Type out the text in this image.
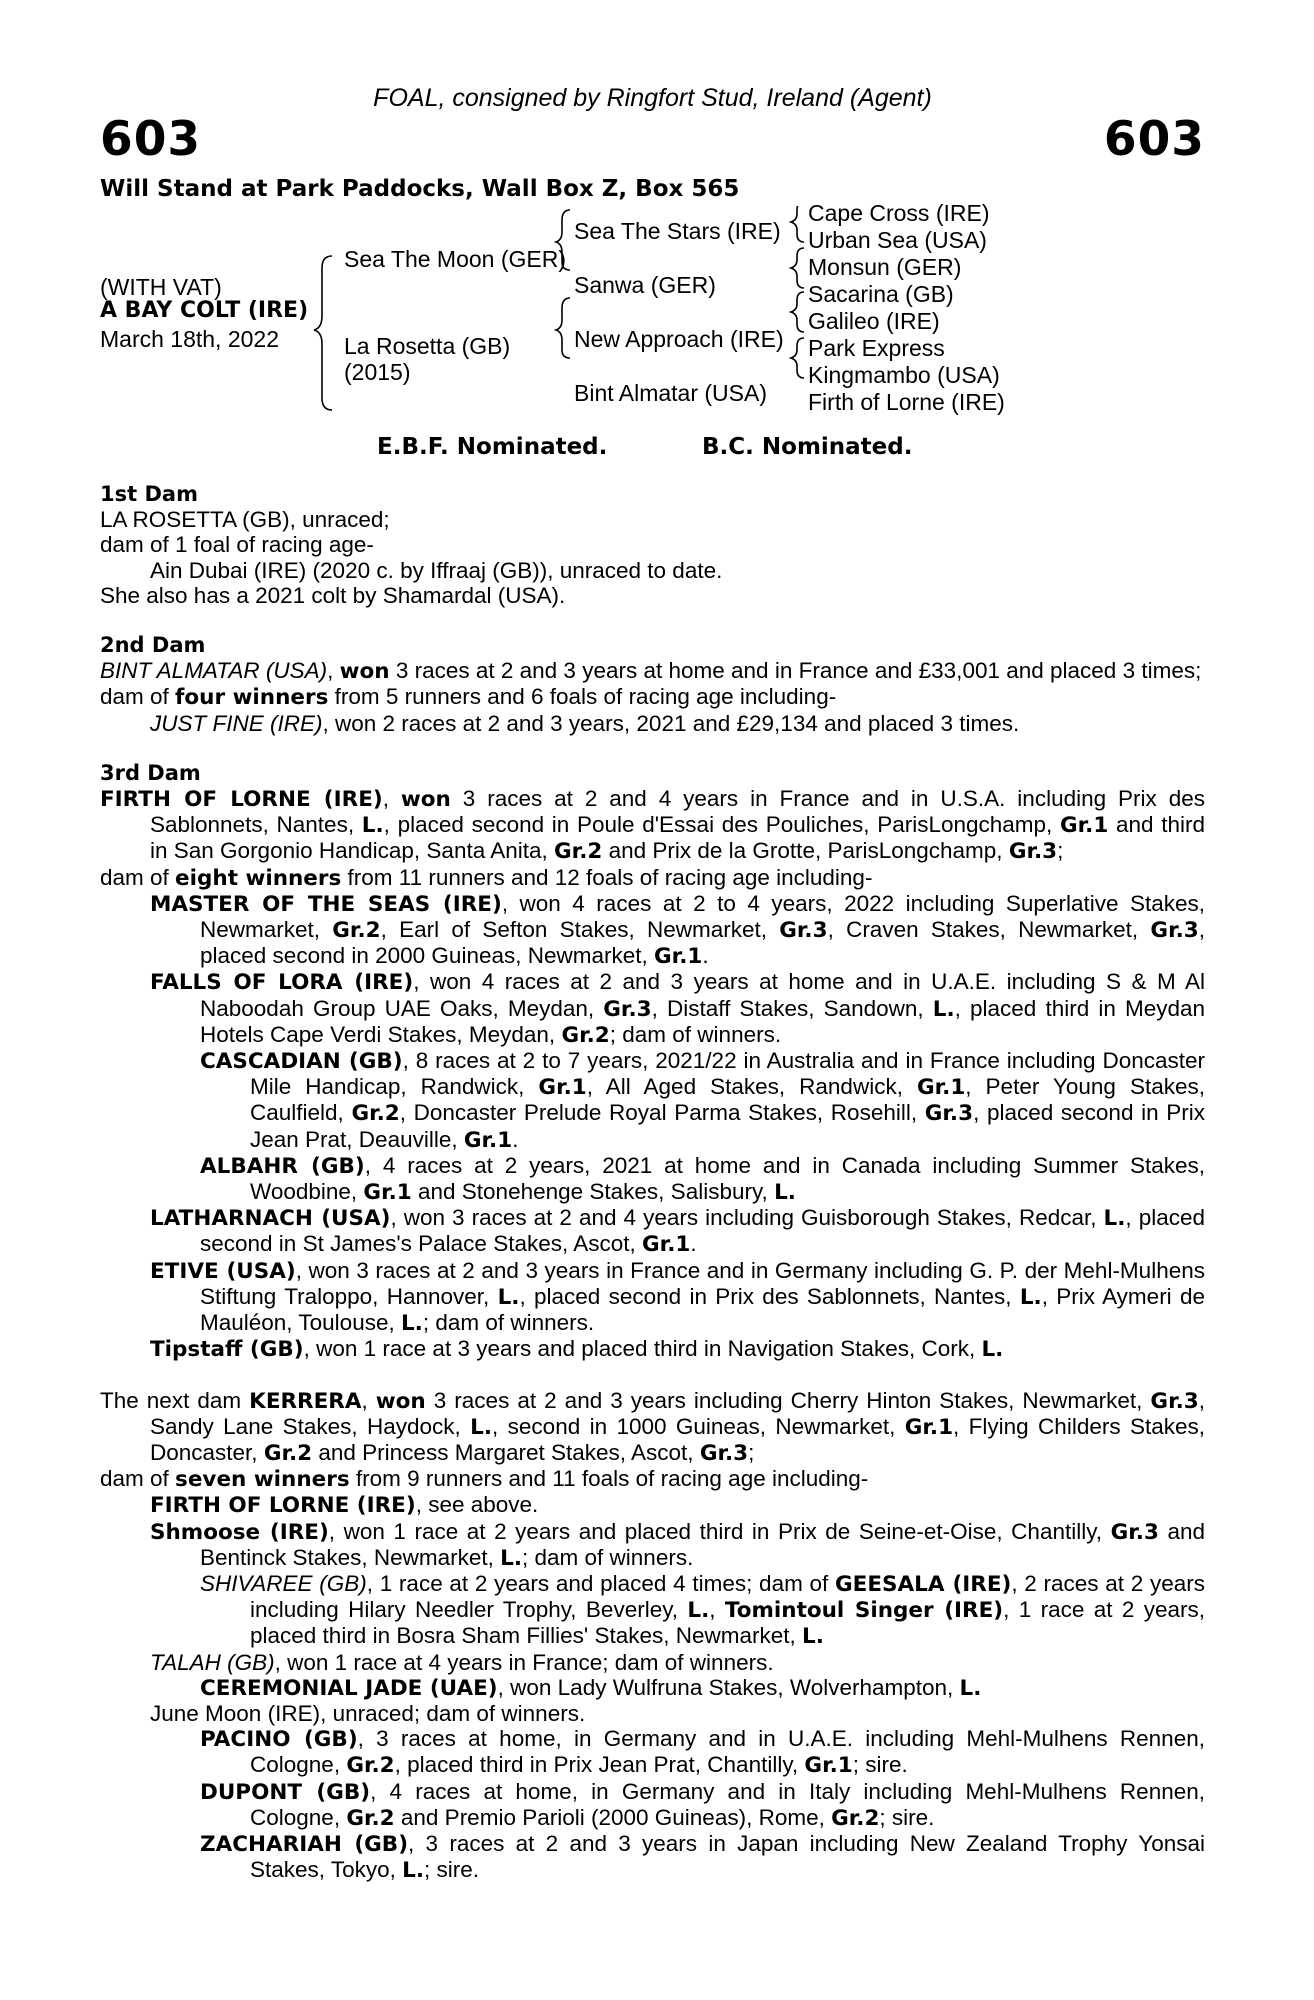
FOAL, consigned by Ringfort Stud, Ireland (Agent)
603	603
Will Stand at Park Paddocks, Wall Box Z, Box 565
(WITH VAT)
A BAY COLT (IRE)
March 18th, 2022
Sea The Moon (GER)
La Rosetta (GB)
(2015)
Sea The Stars (IRE)
Sanwa (GER)
New Approach (IRE)
Bint Almatar (USA)
Cape Cross (IRE)
Urban Sea (USA)
Monsun (GER)
Sacarina (GB)
Galileo (IRE)
Park Express
Kingmambo (USA)
Firth of Lorne (IRE)
E.B.F. Nominated.	B.C. Nominated.
1st Dam
LA ROSETTA (GB), unraced;
dam of 1 foal of racing age-
Ain Dubai (IRE) (2020 c. by Iffraaj (GB)), unraced to date.
She also has a 2021 colt by Shamardal (USA).
2nd Dam
BINT ALMATAR (USA), won 3 races at 2 and 3 years at home and in France and £33,001 and placed 3 times;
dam of four winners from 5 runners and 6 foals of racing age including-
JUST FINE (IRE), won 2 races at 2 and 3 years, 2021 and £29,134 and placed 3 times.
3rd Dam
FIRTH OF LORNE (IRE), won 3 races at 2 and 4 years in France and in U.S.A. including Prix des Sablonnets, Nantes, L., placed second in Poule d'Essai des Pouliches, ParisLongchamp, Gr.1 and third in San Gorgonio Handicap, Santa Anita, Gr.2 and Prix de la Grotte, ParisLongchamp, Gr.3;
dam of eight winners from 11 runners and 12 foals of racing age including-
MASTER OF THE SEAS (IRE), won 4 races at 2 to 4 years, 2022 including Superlative Stakes, Newmarket, Gr.2, Earl of Sefton Stakes, Newmarket, Gr.3, Craven Stakes, Newmarket, Gr.3, placed second in 2000 Guineas, Newmarket, Gr.1.
FALLS OF LORA (IRE), won 4 races at 2 and 3 years at home and in U.A.E. including S & M Al Naboodah Group UAE Oaks, Meydan, Gr.3, Distaff Stakes, Sandown, L., placed third in Meydan Hotels Cape Verdi Stakes, Meydan, Gr.2; dam of winners.
CASCADIAN (GB), 8 races at 2 to 7 years, 2021/22 in Australia and in France including Doncaster Mile Handicap, Randwick, Gr.1, All Aged Stakes, Randwick, Gr.1, Peter Young Stakes, Caulfield, Gr.2, Doncaster Prelude Royal Parma Stakes, Rosehill, Gr.3, placed second in Prix Jean Prat, Deauville, Gr.1.
ALBAHR (GB), 4 races at 2 years, 2021 at home and in Canada including Summer Stakes, Woodbine, Gr.1 and Stonehenge Stakes, Salisbury, L.
LATHARNACH (USA), won 3 races at 2 and 4 years including Guisborough Stakes, Redcar, L., placed second in St James's Palace Stakes, Ascot, Gr.1.
ETIVE (USA), won 3 races at 2 and 3 years in France and in Germany including G. P. der Mehl-Mulhens Stiftung Traloppo, Hannover, L., placed second in Prix des Sablonnets, Nantes, L., Prix Aymeri de Mauléon, Toulouse, L.; dam of winners.
Tipstaff (GB), won 1 race at 3 years and placed third in Navigation Stakes, Cork, L.
The next dam KERRERA, won 3 races at 2 and 3 years including Cherry Hinton Stakes, Newmarket, Gr.3, Sandy Lane Stakes, Haydock, L., second in 1000 Guineas, Newmarket, Gr.1, Flying Childers Stakes, Doncaster, Gr.2 and Princess Margaret Stakes, Ascot, Gr.3;
dam of seven winners from 9 runners and 11 foals of racing age including-
FIRTH OF LORNE (IRE), see above.
Shmoose (IRE), won 1 race at 2 years and placed third in Prix de Seine-et-Oise, Chantilly, Gr.3 and Bentinck Stakes, Newmarket, L.; dam of winners.
SHIVAREE (GB), 1 race at 2 years and placed 4 times; dam of GEESALA (IRE), 2 races at 2 years including Hilary Needler Trophy, Beverley, L., Tomintoul Singer (IRE), 1 race at 2 years, placed third in Bosra Sham Fillies' Stakes, Newmarket, L.
TALAH (GB), won 1 race at 4 years in France; dam of winners.
CEREMONIAL JADE (UAE), won Lady Wulfruna Stakes, Wolverhampton, L.
June Moon (IRE), unraced; dam of winners.
PACINO (GB), 3 races at home, in Germany and in U.A.E. including Mehl-Mulhens Rennen, Cologne, Gr.2, placed third in Prix Jean Prat, Chantilly, Gr.1; sire.
DUPONT (GB), 4 races at home, in Germany and in Italy including Mehl-Mulhens Rennen, Cologne, Gr.2 and Premio Parioli (2000 Guineas), Rome, Gr.2; sire.
ZACHARIAH (GB), 3 races at 2 and 3 years in Japan including New Zealand Trophy Yonsai Stakes, Tokyo, L.; sire.
